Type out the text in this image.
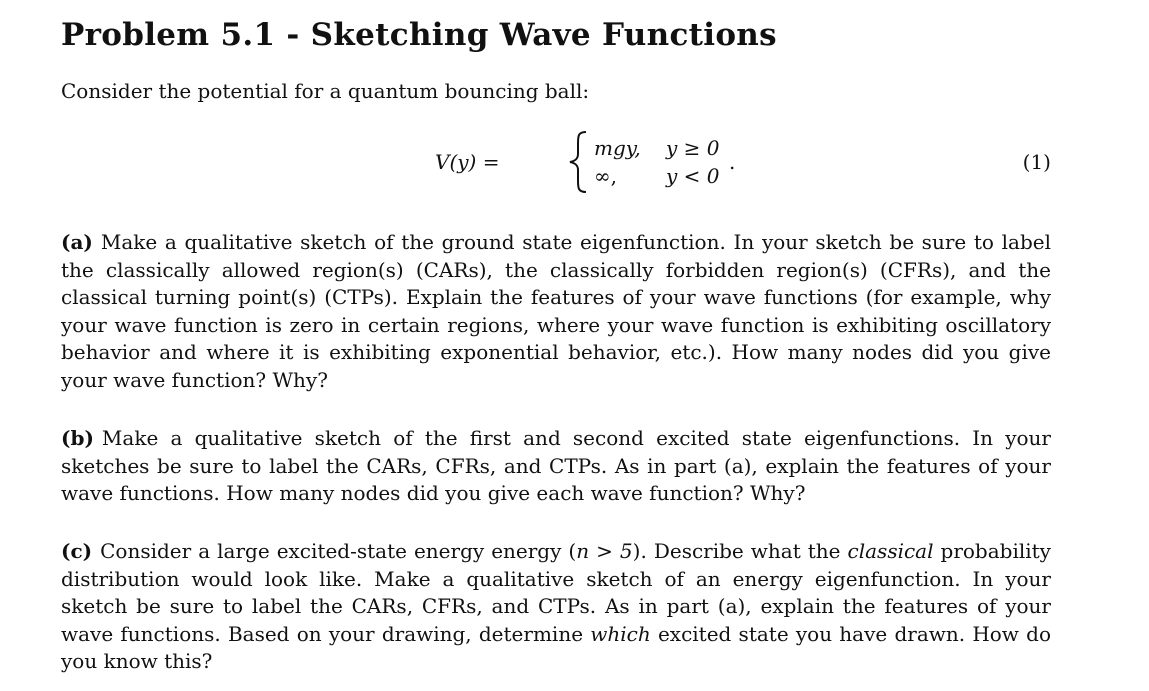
Problem 5.1 - Sketching Wave Functions
Consider the potential for a quantum bouncing ball:
V(y) =
mgy, y ≥ 0
∞, y < 0
.	(1)
(a) Make a qualitative sketch of the ground state eigenfunction. In your sketch be sure to label the classically allowed region(s) (CARs), the classically forbidden region(s) (CFRs), and the classical turning point(s) (CTPs). Explain the features of your wave functions (for example, why your wave function is zero in certain regions, where your wave function is exhibiting oscillatory behavior and where it is exhibiting exponential behavior, etc.). How many nodes did you give your wave function? Why?
(b) Make a qualitative sketch of the first and second excited state eigenfunctions. In your sketches be sure to label the CARs, CFRs, and CTPs. As in part (a), explain the features of your wave functions. How many nodes did you give each wave function? Why?
(c) Consider a large excited-state energy energy (n > 5). Describe what the classical probability distribution would look like. Make a qualitative sketch of an energy eigenfunction. In your sketch be sure to label the CARs, CFRs, and CTPs. As in part (a), explain the features of your wave functions. Based on your drawing, determine which excited state you have drawn. How do you know this?
